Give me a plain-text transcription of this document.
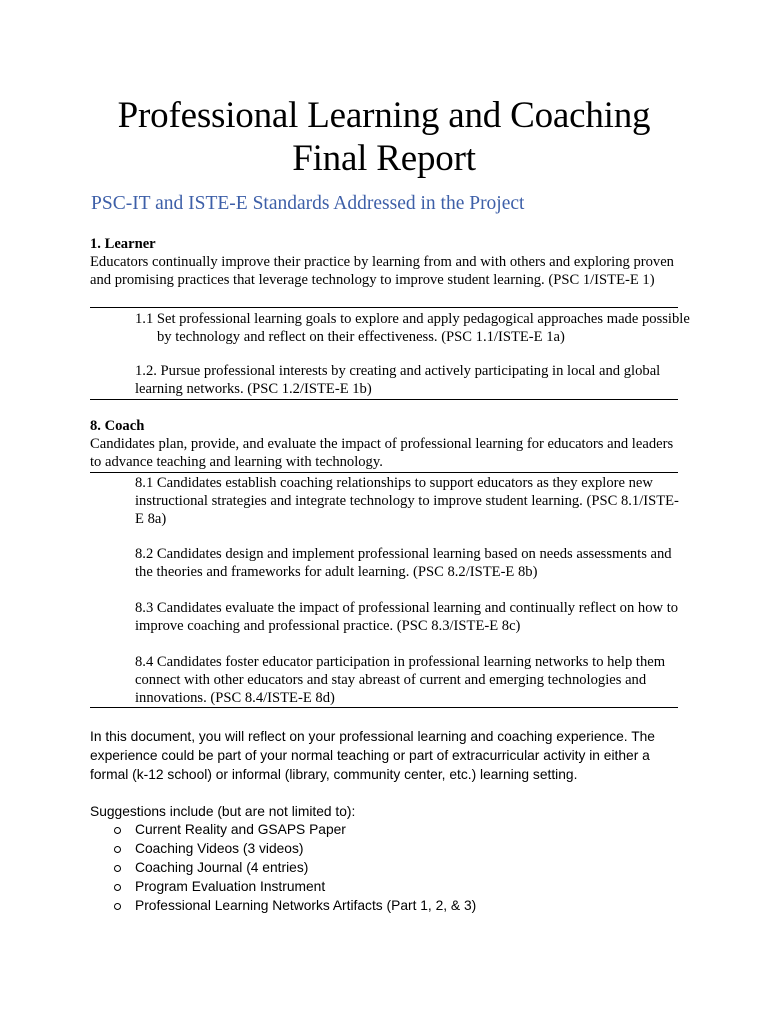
Professional Learning and Coaching
Final Report
PSC-IT and ISTE-E Standards Addressed in the Project
1. Learner
Educators continually improve their practice by learning from and with others and exploring proven and promising practices that leverage technology to improve student learning. (PSC 1/ISTE-E 1)
1.1 Set professional learning goals to explore and apply pedagogical approaches made possible by technology and reflect on their effectiveness. (PSC 1.1/ISTE-E 1a)
1.2. Pursue professional interests by creating and actively participating in local and global learning networks. (PSC 1.2/ISTE-E 1b)
8. Coach
Candidates plan, provide, and evaluate the impact of professional learning for educators and leaders to advance teaching and learning with technology.
8.1 Candidates establish coaching relationships to support educators as they explore new instructional strategies and integrate technology to improve student learning. (PSC 8.1/ISTE-E 8a)
8.2 Candidates design and implement professional learning based on needs assessments and the theories and frameworks for adult learning. (PSC 8.2/ISTE-E 8b)
8.3 Candidates evaluate the impact of professional learning and continually reflect on how to improve coaching and professional practice. (PSC 8.3/ISTE-E 8c)
8.4 Candidates foster educator participation in professional learning networks to help them connect with other educators and stay abreast of current and emerging technologies and innovations. (PSC 8.4/ISTE-E 8d)
In this document, you will reflect on your professional learning and coaching experience. The experience could be part of your normal teaching or part of extracurricular activity in either a formal (k-12 school) or informal (library, community center, etc.) learning setting.
Suggestions include (but are not limited to):
Current Reality and GSAPS Paper
Coaching Videos (3 videos)
Coaching Journal (4 entries)
Program Evaluation Instrument
Professional Learning Networks Artifacts (Part 1, 2, & 3)
